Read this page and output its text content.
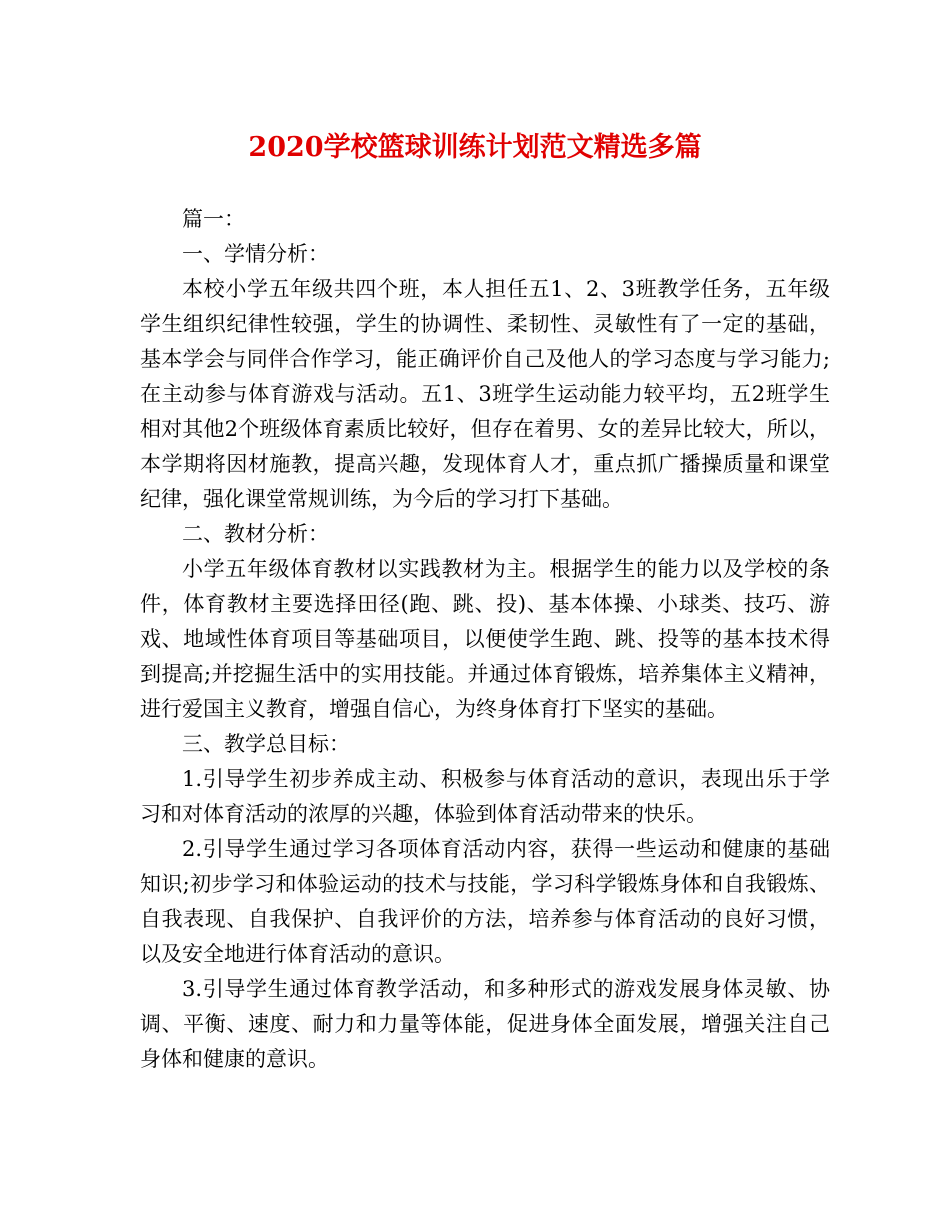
2020学校篮球训练计划范文精选多篇

篇一：

一、学情分析：

本校小学五年级共四个班，本人担任五1、2、3班教学任务，五年级学生组织纪律性较强，学生的协调性、柔韧性、灵敏性有了一定的基础，基本学会与同伴合作学习，能正确评价自己及他人的学习态度与学习能力;在主动参与体育游戏与活动。五1、3班学生运动能力较平均，五2班学生相对其他2个班级体育素质比较好，但存在着男、女的差异比较大，所以，本学期将因材施教，提高兴趣，发现体育人才，重点抓广播操质量和课堂纪律，强化课堂常规训练，为今后的学习打下基础。

二、教材分析：

小学五年级体育教材以实践教材为主。根据学生的能力以及学校的条件，体育教材主要选择田径(跑、跳、投)、基本体操、小球类、技巧、游戏、地域性体育项目等基础项目，以便使学生跑、跳、投等的基本技术得到提高;并挖掘生活中的实用技能。并通过体育锻炼，培养集体主义精神，进行爱国主义教育，增强自信心，为终身体育打下坚实的基础。

三、教学总目标：

1.引导学生初步养成主动、积极参与体育活动的意识，表现出乐于学习和对体育活动的浓厚的兴趣，体验到体育活动带来的快乐。

2.引导学生通过学习各项体育活动内容，获得一些运动和健康的基础知识;初步学习和体验运动的技术与技能，学习科学锻炼身体和自我锻炼、自我表现、自我保护、自我评价的方法，培养参与体育活动的良好习惯，以及安全地进行体育活动的意识。

3.引导学生通过体育教学活动，和多种形式的游戏发展身体灵敏、协调、平衡、速度、耐力和力量等体能，促进身体全面发展，增强关注自己身体和健康的意识。
